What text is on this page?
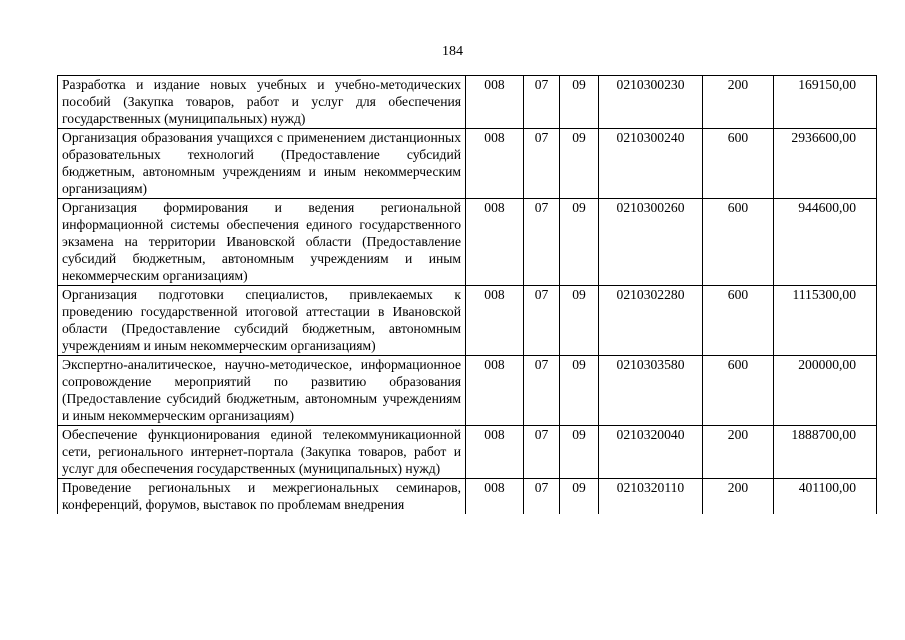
184
Разработка и издание новых учебных и учебно-методических пособий (Закупка товаров, работ и услуг для обеспечения государственных (муниципальных) нужд)	008	07	09	0210300230	200	169150,00
Организация образования учащихся с применением дистанционных образовательных технологий (Предоставление субсидий бюджетным, автономным учреждениям и иным некоммерческим организациям)	008	07	09	0210300240	600	2936600,00
Организация формирования и ведения региональной информационной системы обеспечения единого государственного экзамена на территории Ивановской области (Предоставление субсидий бюджетным, автономным учреждениям и иным некоммерческим организациям)	008	07	09	0210300260	600	944600,00
Организация подготовки специалистов, привлекаемых к проведению государственной итоговой аттестации в Ивановской области (Предоставление субсидий бюджетным, автономным учреждениям и иным некоммерческим организациям)	008	07	09	0210302280	600	1115300,00
Экспертно-аналитическое, научно-методическое, информационное сопровождение мероприятий по развитию образования (Предоставление субсидий бюджетным, автономным учреждениям и иным некоммерческим организациям)	008	07	09	0210303580	600	200000,00
Обеспечение функционирования единой телекоммуникационной сети, регионального интернет-портала (Закупка товаров, работ и услуг для обеспечения государственных (муниципальных) нужд)	008	07	09	0210320040	200	1888700,00
Проведение региональных и межрегиональных семинаров, конференций, форумов, выставок по проблемам внедрения	008	07	09	0210320110	200	401100,00
